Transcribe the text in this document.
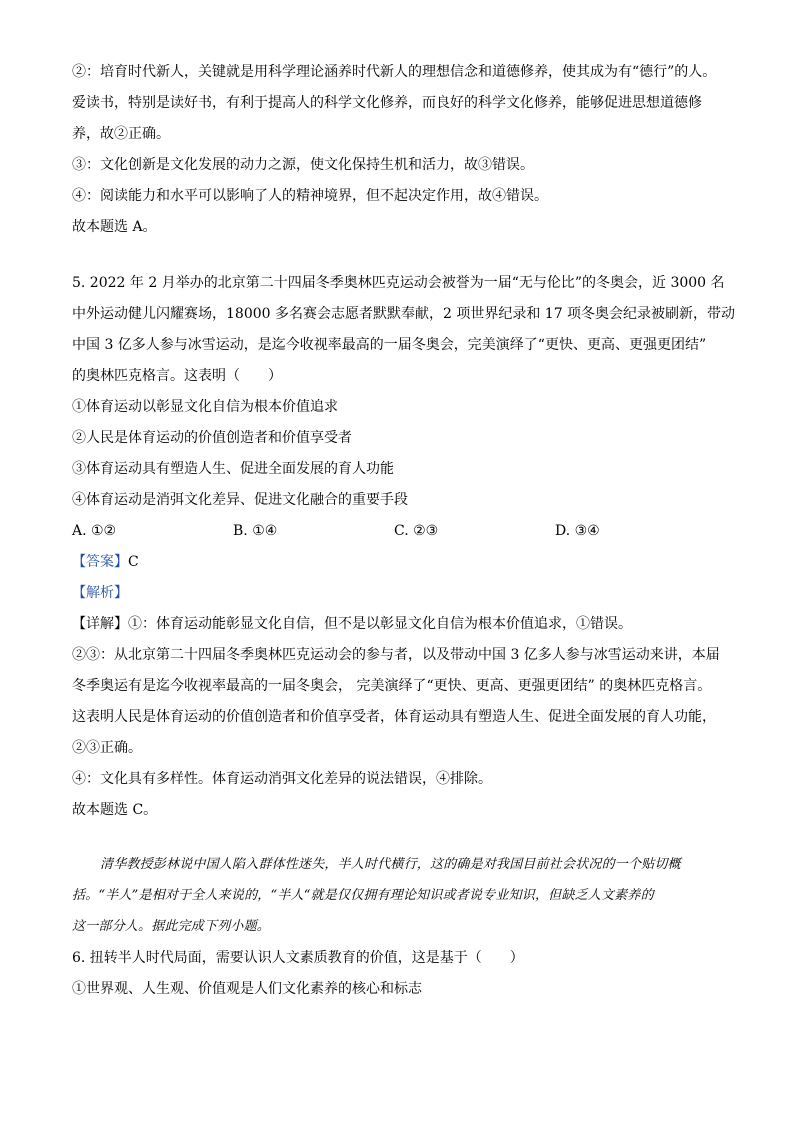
②：培育时代新人，关键就是用科学理论涵养时代新人的理想信念和道德修养，使其成为有“德行”的人。
爱读书，特别是读好书，有利于提高人的科学文化修养，而良好的科学文化修养，能够促进思想道德修
养，故②正确。
③：文化创新是文化发展的动力之源，使文化保持生机和活力，故③错误。
④：阅读能力和水平可以影响了人的精神境界，但不起决定作用，故④错误。
故本题选 A。
5. 2022 年 2 月举办的北京第二十四届冬季奥林匹克运动会被誉为一届“无与伦比”的冬奥会，近 3000 名
中外运动健儿闪耀赛场，18000 多名赛会志愿者默默奉献，2 项世界纪录和 17 项冬奥会纪录被刷新，带动
中国 3 亿多人参与冰雪运动，是迄今收视率最高的一届冬奥会，完美演绎了“更快、更高、更强更团结”
的奥林匹克格言。这表明（　　）
①体育运动以彰显文化自信为根本价值追求
②人民是体育运动的价值创造者和价值享受者
③体育运动具有塑造人生、促进全面发展的育人功能
④体育运动是消弭文化差异、促进文化融合的重要手段
A. ①②	B. ①④	C. ②③	D. ③④
【答案】C
【解析】
【详解】①：体育运动能彰显文化自信，但不是以彰显文化自信为根本价值追求，①错误。
②③：从北京第二十四届冬季奥林匹克运动会的参与者，以及带动中国 3 亿多人参与冰雪运动来讲，本届
冬季奥运有是迄今收视率最高的一届冬奥会， 完美演绎了“更快、更高、更强更团结” 的奥林匹克格言。
这表明人民是体育运动的价值创造者和价值享受者，体育运动具有塑造人生、促进全面发展的育人功能，
②③正确。
④：文化具有多样性。体育运动消弭文化差异的说法错误，④排除。
故本题选 C。
清华教授彭林说中国人陷入群体性迷失，半人时代横行，这的确是对我国目前社会状况的一个贴切概
括。“半人”是相对于全人来说的，“半人“就是仅仅拥有理论知识或者说专业知识，但缺乏人文素养的
这一部分人。据此完成下列小题。
6. 扭转半人时代局面，需要认识人文素质教育的价值，这是基于（　　）
①世界观、人生观、价值观是人们文化素养的核心和标志
